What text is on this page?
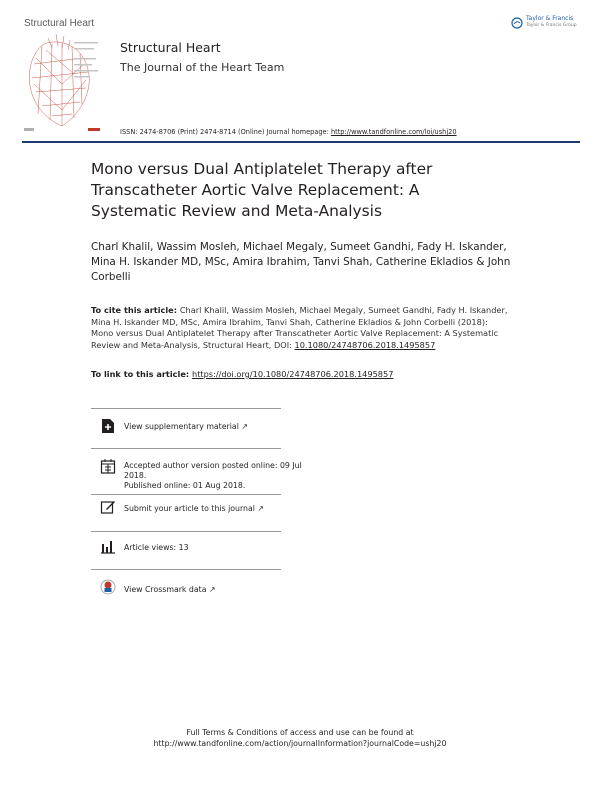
Structural Heart	Taylor & Francis
Taylor & Francis Group
Structural Heart
The Journal of the Heart Team
ISSN: 2474-8706 (Print) 2474-8714 (Online) Journal homepage: http://www.tandfonline.com/loi/ushj20
Mono versus Dual Antiplatelet Therapy after Transcatheter Aortic Valve Replacement: A Systematic Review and Meta-Analysis
Charl Khalil, Wassim Mosleh, Michael Megaly, Sumeet Gandhi, Fady H. Iskander, Mina H. Iskander MD, MSc, Amira Ibrahim, Tanvi Shah, Catherine Ekladios & John Corbelli
To cite this article: Charl Khalil, Wassim Mosleh, Michael Megaly, Sumeet Gandhi, Fady H. Iskander, Mina H. Iskander MD, MSc, Amira Ibrahim, Tanvi Shah, Catherine Ekladios & John Corbelli (2018): Mono versus Dual Antiplatelet Therapy after Transcatheter Aortic Valve Replacement: A Systematic Review and Meta-Analysis, Structural Heart, DOI: 10.1080/24748706.2018.1495857
To link to this article: https://doi.org/10.1080/24748706.2018.1495857
View supplementary material ↗
Accepted author version posted online: 09 Jul 2018.
Published online: 01 Aug 2018.
Submit your article to this journal ↗
Article views: 13
View Crossmark data ↗
Full Terms & Conditions of access and use can be found at
http://www.tandfonline.com/action/journalInformation?journalCode=ushj20
